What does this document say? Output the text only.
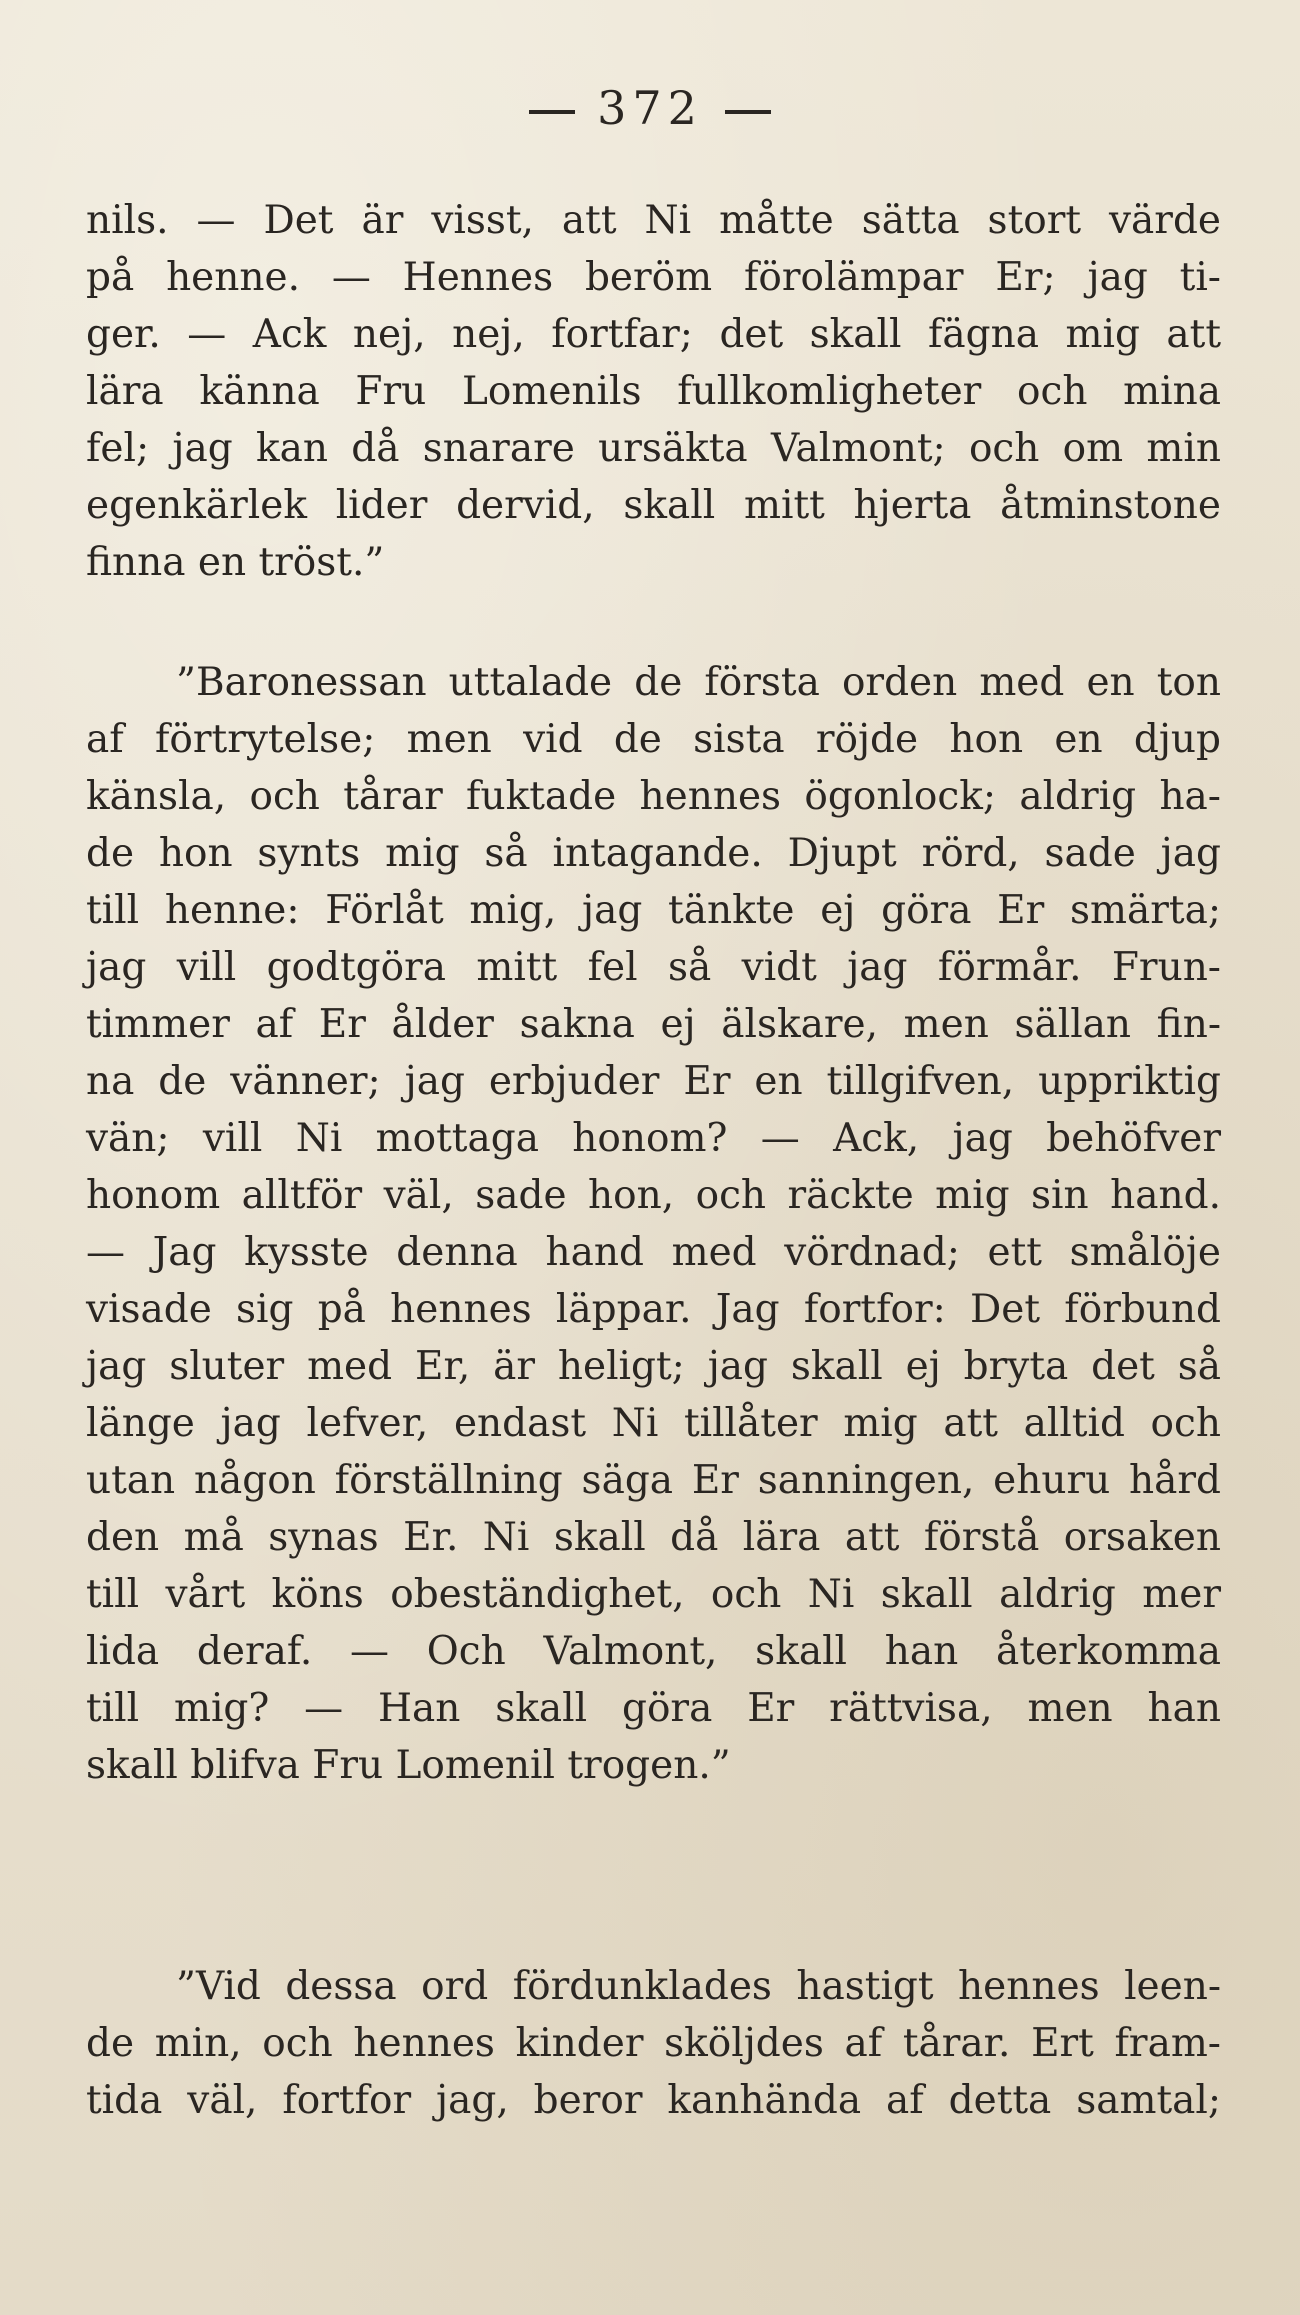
372
nils. — Det är visst, att Ni måtte sätta stort värde
på henne. — Hennes beröm förolämpar Er; jag ti-
ger. — Ack nej, nej, fortfar; det skall fägna mig att
lära känna Fru Lomenils fullkomligheter och mina
fel; jag kan då snarare ursäkta Valmont; och om min
egenkärlek lider dervid, skall mitt hjerta åtminstone
finna en tröst.”
”Baronessan uttalade de första orden med en ton
af förtrytelse; men vid de sista röjde hon en djup
känsla, och tårar fuktade hennes ögonlock; aldrig ha-
de hon synts mig så intagande. Djupt rörd, sade jag
till henne: Förlåt mig, jag tänkte ej göra Er smärta;
jag vill godtgöra mitt fel så vidt jag förmår. Frun-
timmer af Er ålder sakna ej älskare, men sällan fin-
na de vänner; jag erbjuder Er en tillgifven, uppriktig
vän; vill Ni mottaga honom? — Ack, jag behöfver
honom alltför väl, sade hon, och räckte mig sin hand.
— Jag kysste denna hand med vördnad; ett smålöje
visade sig på hennes läppar. Jag fortfor: Det förbund
jag sluter med Er, är heligt; jag skall ej bryta det så
länge jag lefver, endast Ni tillåter mig att alltid och
utan någon förställning säga Er sanningen, ehuru hård
den må synas Er. Ni skall då lära att förstå orsaken
till vårt köns obeständighet, och Ni skall aldrig mer
lida deraf. — Och Valmont, skall han återkomma
till mig? — Han skall göra Er rättvisa, men han
skall blifva Fru Lomenil trogen.”
”Vid dessa ord fördunklades hastigt hennes leen-
de min, och hennes kinder sköljdes af tårar. Ert fram-
tida väl, fortfor jag, beror kanhända af detta samtal;
